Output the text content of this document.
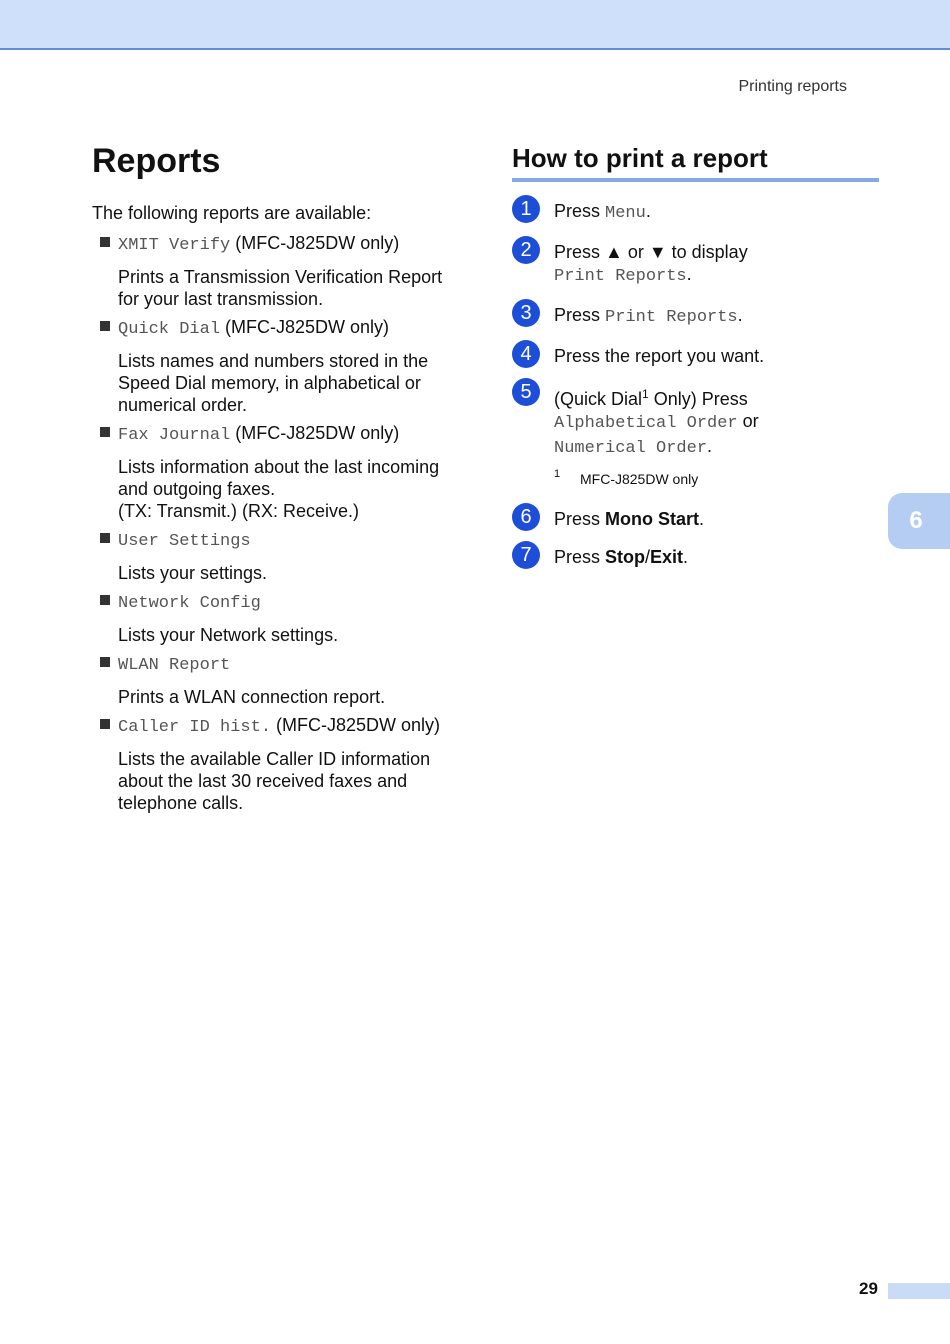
Printing reports
Reports
The following reports are available:
XMIT Verify (MFC-J825DW only)
Prints a Transmission Verification Report
for your last transmission.
Quick Dial (MFC-J825DW only)
Lists names and numbers stored in the
Speed Dial memory, in alphabetical or
numerical order.
Fax Journal (MFC-J825DW only)
Lists information about the last incoming
and outgoing faxes.
(TX: Transmit.) (RX: Receive.)
User Settings
Lists your settings.
Network Config
Lists your Network settings.
WLAN Report
Prints a WLAN connection report.
Caller ID hist. (MFC-J825DW only)
Lists the available Caller ID information
about the last 30 received faxes and
telephone calls.
How to print a report
1	Press Menu.
2	Press ▲ or ▼ to display
Print Reports.
3	Press Print Reports.
4	Press the report you want.
5	(Quick Dial$^1$ Only) Press
Alphabetical Order or
Numerical Order.
1 MFC-J825DW only
6	Press Mono Start.
7	Press Stop/Exit.
6
29
